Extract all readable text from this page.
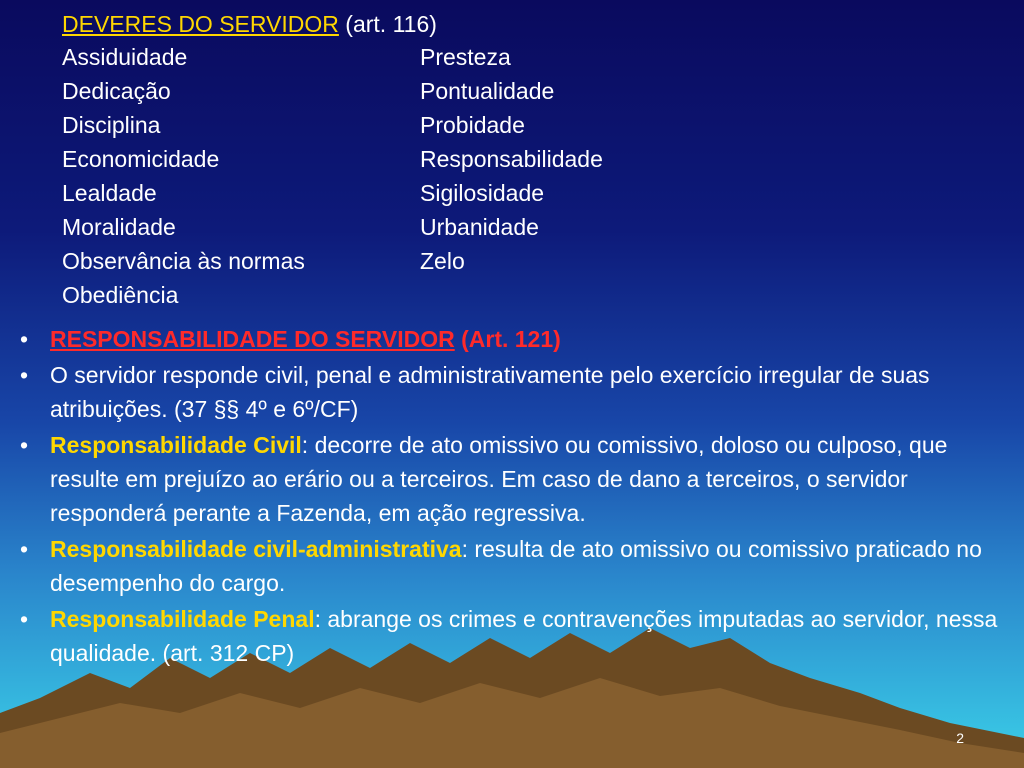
DEVERES DO SERVIDOR (art. 116)
Assiduidade	Presteza
Dedicação	Pontualidade
Disciplina	Probidade
Economicidade	Responsabilidade
Lealdade	Sigilosidade
Moralidade	Urbanidade
Observância às normas	Zelo
Obediência
• RESPONSABILIDADE DO SERVIDOR (Art. 121)
• O servidor responde civil, penal e administrativamente pelo exercício irregular de suas atribuições. (37 §§ 4º e 6º/CF)
• Responsabilidade Civil: decorre de ato omissivo ou comissivo, doloso ou culposo, que resulte em prejuízo ao erário ou a terceiros. Em caso de dano a terceiros, o servidor responderá perante a Fazenda, em ação regressiva.
• Responsabilidade civil-administrativa: resulta de ato omissivo ou comissivo praticado no desempenho do cargo.
• Responsabilidade Penal: abrange os crimes e contravenções imputadas ao servidor, nessa qualidade. (art. 312 CP)
2
